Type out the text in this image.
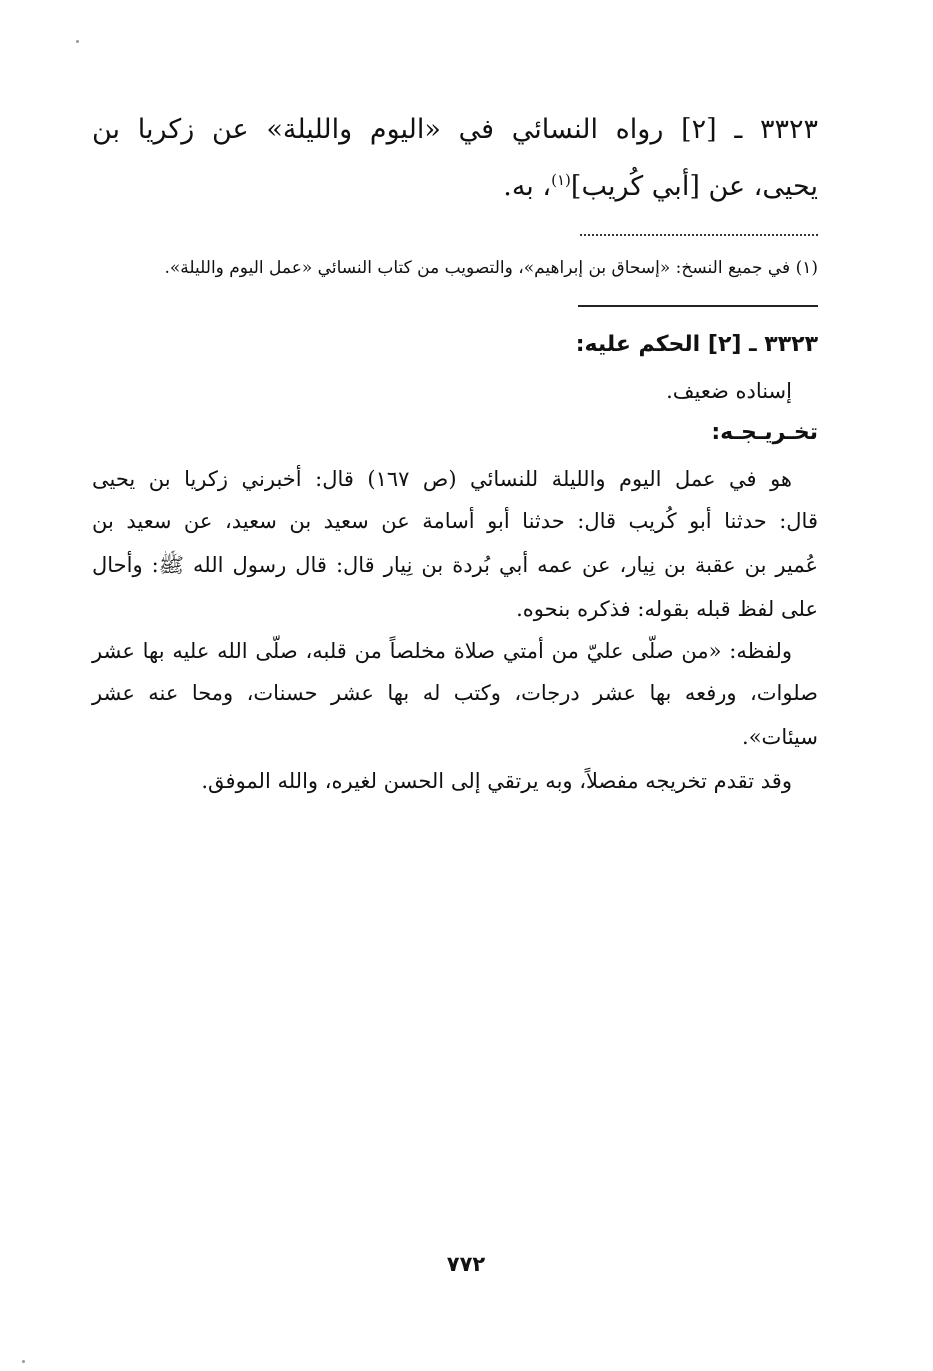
٣٣٢٣ ـ [٢] رواه النسائي في «اليوم والليلة» عن زكريا بن
يحيى، عن [أبي كُريب]$^{(١)}$، به.
(١) في جميع النسخ: «إسحاق بن إبراهيم»، والتصويب من كتاب النسائي «عمل اليوم والليلة».
٣٣٢٣ ـ [٢] الحكم عليه:
إسناده ضعيف.
تخـريـجـه:
هو في عمل اليوم والليلة للنسائي (ص ١٦٧) قال: أخبرني زكريا بن يحيى
قال: حدثنا أبو كُريب قال: حدثنا أبو أسامة عن سعيد بن سعيد، عن سعيد بن
عُمير بن عقبة بن نِيار، عن عمه أبي بُردة بن نِيار قال: قال رسول الله ﷺ: وأحال
على لفظ قبله بقوله: فذكره بنحوه.
ولفظه: «من صلّى عليّ من أمتي صلاة مخلصاً من قلبه، صلّى الله عليه بها عشر
صلوات، ورفعه بها عشر درجات، وكتب له بها عشر حسنات، ومحا عنه عشر
سيئات».
وقد تقدم تخريجه مفصلاً، وبه يرتقي إلى الحسن لغيره، والله الموفق.
٧٧٢
